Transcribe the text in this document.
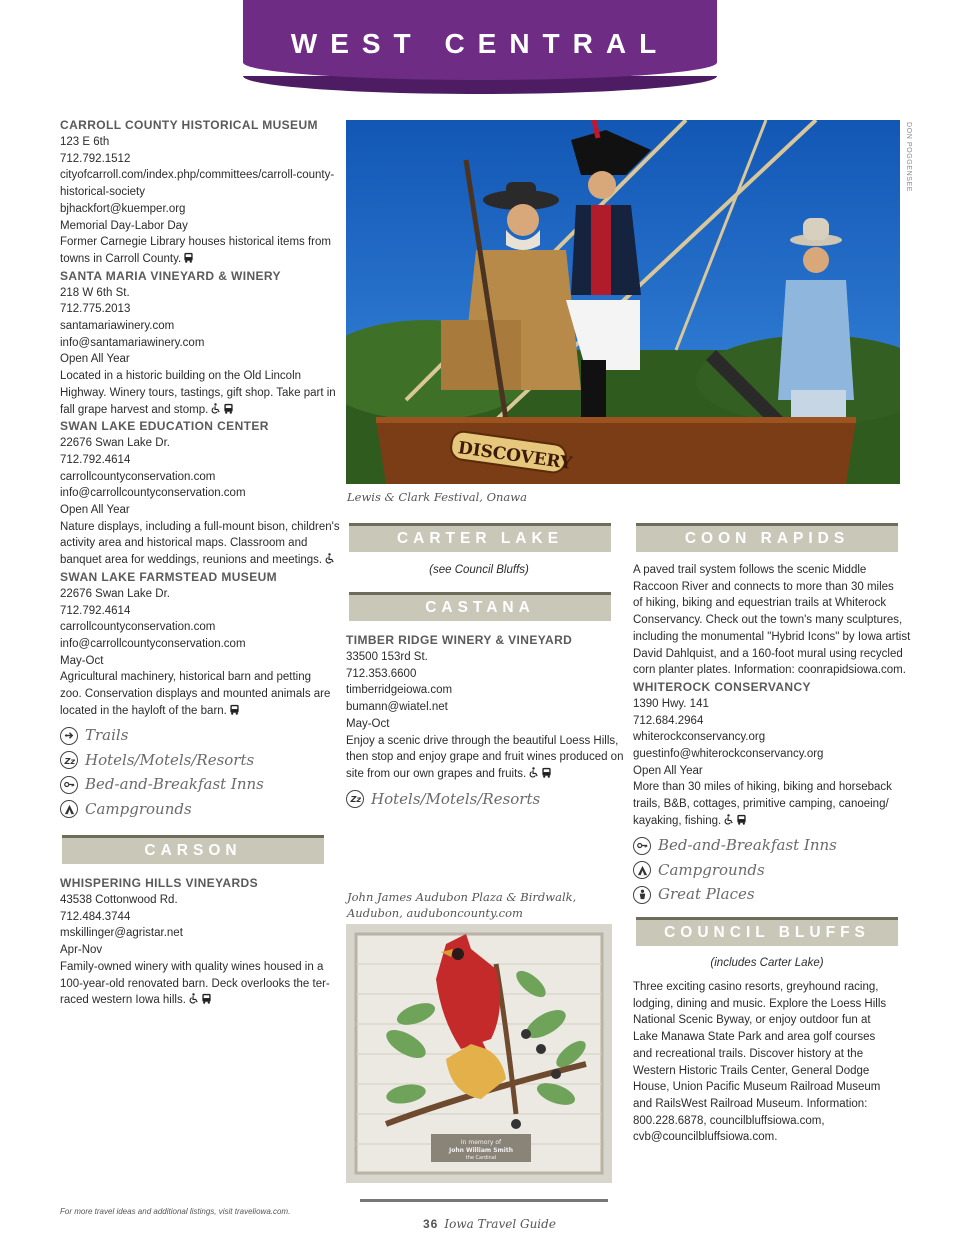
WEST CENTRAL
CARROLL COUNTY HISTORICAL MUSEUM
123 E 6th
712.792.1512
cityofcarroll.com/index.php/committees/carroll-county-
historical-society
bjhackfort@kuemper.org
Memorial Day-Labor Day
Former Carnegie Library houses historical items from
towns in Carroll County.
SANTA MARIA VINEYARD & WINERY
218 W 6th St.
712.775.2013
santamariawinery.com
info@santamariawinery.com
Open All Year
Located in a historic building on the Old Lincoln
Highway. Winery tours, tastings, gift shop. Take part in
fall grape harvest and stomp.
SWAN LAKE EDUCATION CENTER
22676 Swan Lake Dr.
712.792.4614
carrollcountyconservation.com
info@carrollcountyconservation.com
Open All Year
Nature displays, including a full-mount bison, children's
activity area and historical maps. Classroom and
banquet area for weddings, reunions and meetings.
SWAN LAKE FARMSTEAD MUSEUM
22676 Swan Lake Dr.
712.792.4614
carrollcountyconservation.com
info@carrollcountyconservation.com
May-Oct
Agricultural machinery, historical barn and petting
zoo. Conservation displays and mounted animals are
located in the hayloft of the barn.
Trails
Zz Hotels/Motels/Resorts
Bed-and-Breakfast Inns
Campgrounds
CARSON
WHISPERING HILLS VINEYARDS
43538 Cottonwood Rd.
712.484.3744
mskillinger@agristar.net
Apr-Nov
Family-owned winery with quality wines housed in a
100-year-old renovated barn. Deck overlooks the ter-
raced western Iowa hills.
DISCOVERY
DON POGGENSEE
Lewis & Clark Festival, Onawa
CARTER LAKE
(see Council Bluffs)
CASTANA
TIMBER RIDGE WINERY & VINEYARD
33500 153rd St.
712.353.6600
timberridgeiowa.com
bumann@wiatel.net
May-Oct
Enjoy a scenic drive through the beautiful Loess Hills,
then stop and enjoy grape and fruit wines produced on
site from our own grapes and fruits.
Zz Hotels/Motels/Resorts
John James Audubon Plaza & Birdwalk,
Audubon, auduboncounty.com
In memory of
John William Smith
the Cardinal
COON RAPIDS
A paved trail system follows the scenic Middle
Raccoon River and connects to more than 30 miles
of hiking, biking and equestrian trails at Whiterock
Conservancy. Check out the town's many sculptures,
including the monumental "Hybrid Icons" by Iowa artist
David Dahlquist, and a 160-foot mural using recycled
corn planter plates. Information: coonrapidsiowa.com.
WHITEROCK CONSERVANCY
1390 Hwy. 141
712.684.2964
whiterockconservancy.org
guestinfo@whiterockconservancy.org
Open All Year
More than 30 miles of hiking, biking and horseback
trails, B&B, cottages, primitive camping, canoeing/
kayaking, fishing.
Bed-and-Breakfast Inns
Campgrounds
Great Places
COUNCIL BLUFFS
(includes Carter Lake)
Three exciting casino resorts, greyhound racing,
lodging, dining and music. Explore the Loess Hills
National Scenic Byway, or enjoy outdoor fun at
Lake Manawa State Park and area golf courses
and recreational trails. Discover history at the
Western Historic Trails Center, General Dodge
House, Union Pacific Museum Railroad Museum
and RailsWest Railroad Museum. Information:
800.228.6878, councilbluffsiowa.com,
cvb@councilbluffsiowa.com.
For more travel ideas and additional listings, visit traveliowa.com.
36 Iowa Travel Guide
